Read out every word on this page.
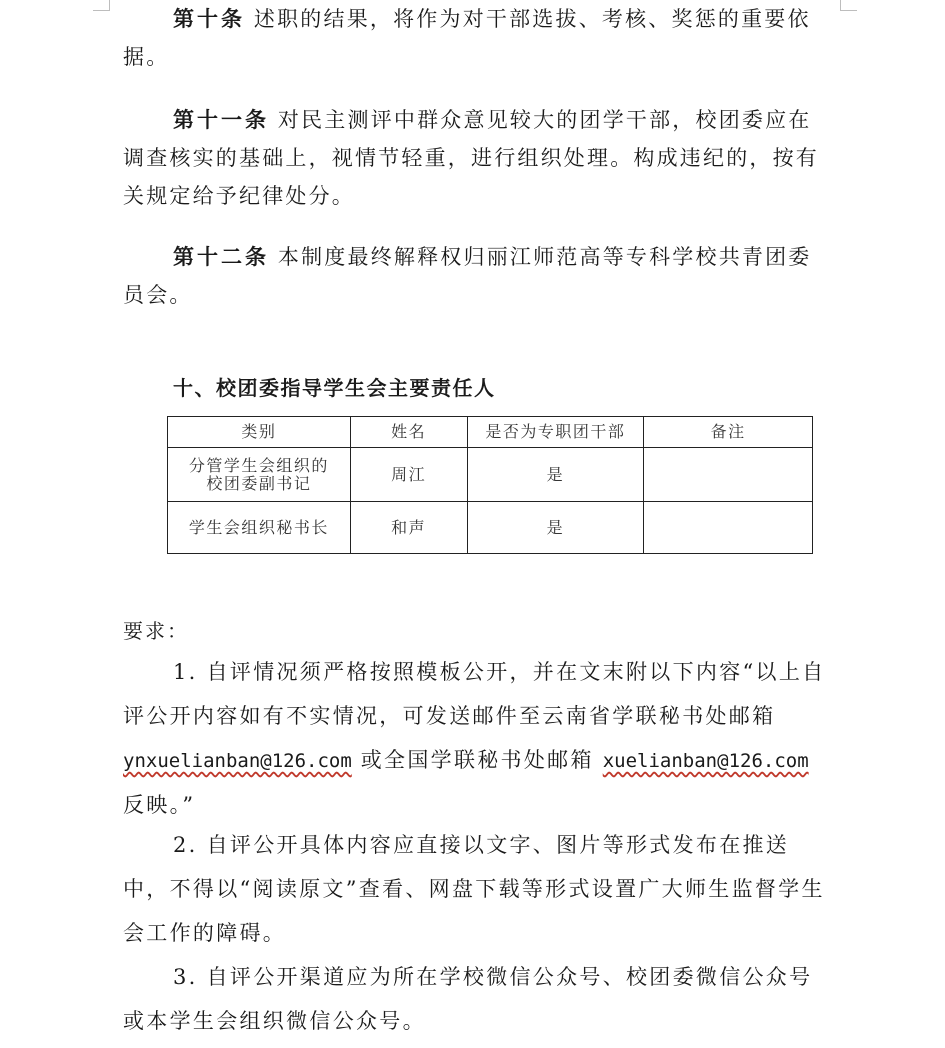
第十条 述职的结果，将作为对干部选拔、考核、奖惩的重要依据。

第十一条 对民主测评中群众意见较大的团学干部，校团委应在调查核实的基础上，视情节轻重，进行组织处理。构成违纪的，按有关规定给予纪律处分。

第十二条 本制度最终解释权归丽江师范高等专科学校共青团委员会。

十、校团委指导学生会主要责任人
类别	姓名	是否为专职团干部	备注

分管学生会组织的
校团委副书记	周江	是	
学生会组织秘书长	和声	是	

要求：

1. 自评情况须严格按照模板公开，并在文末附以下内容“以上自评公开内容如有不实情况，可发送邮件至云南省学联秘书处邮箱 ynxuelianban@126.com 或全国学联秘书处邮箱 xuelianban@126.com 反映。”

2. 自评公开具体内容应直接以文字、图片等形式发布在推送中，不得以“阅读原文”查看、网盘下载等形式设置广大师生监督学生会工作的障碍。

3. 自评公开渠道应为所在学校微信公众号、校团委微信公众号或本学生会组织微信公众号。
